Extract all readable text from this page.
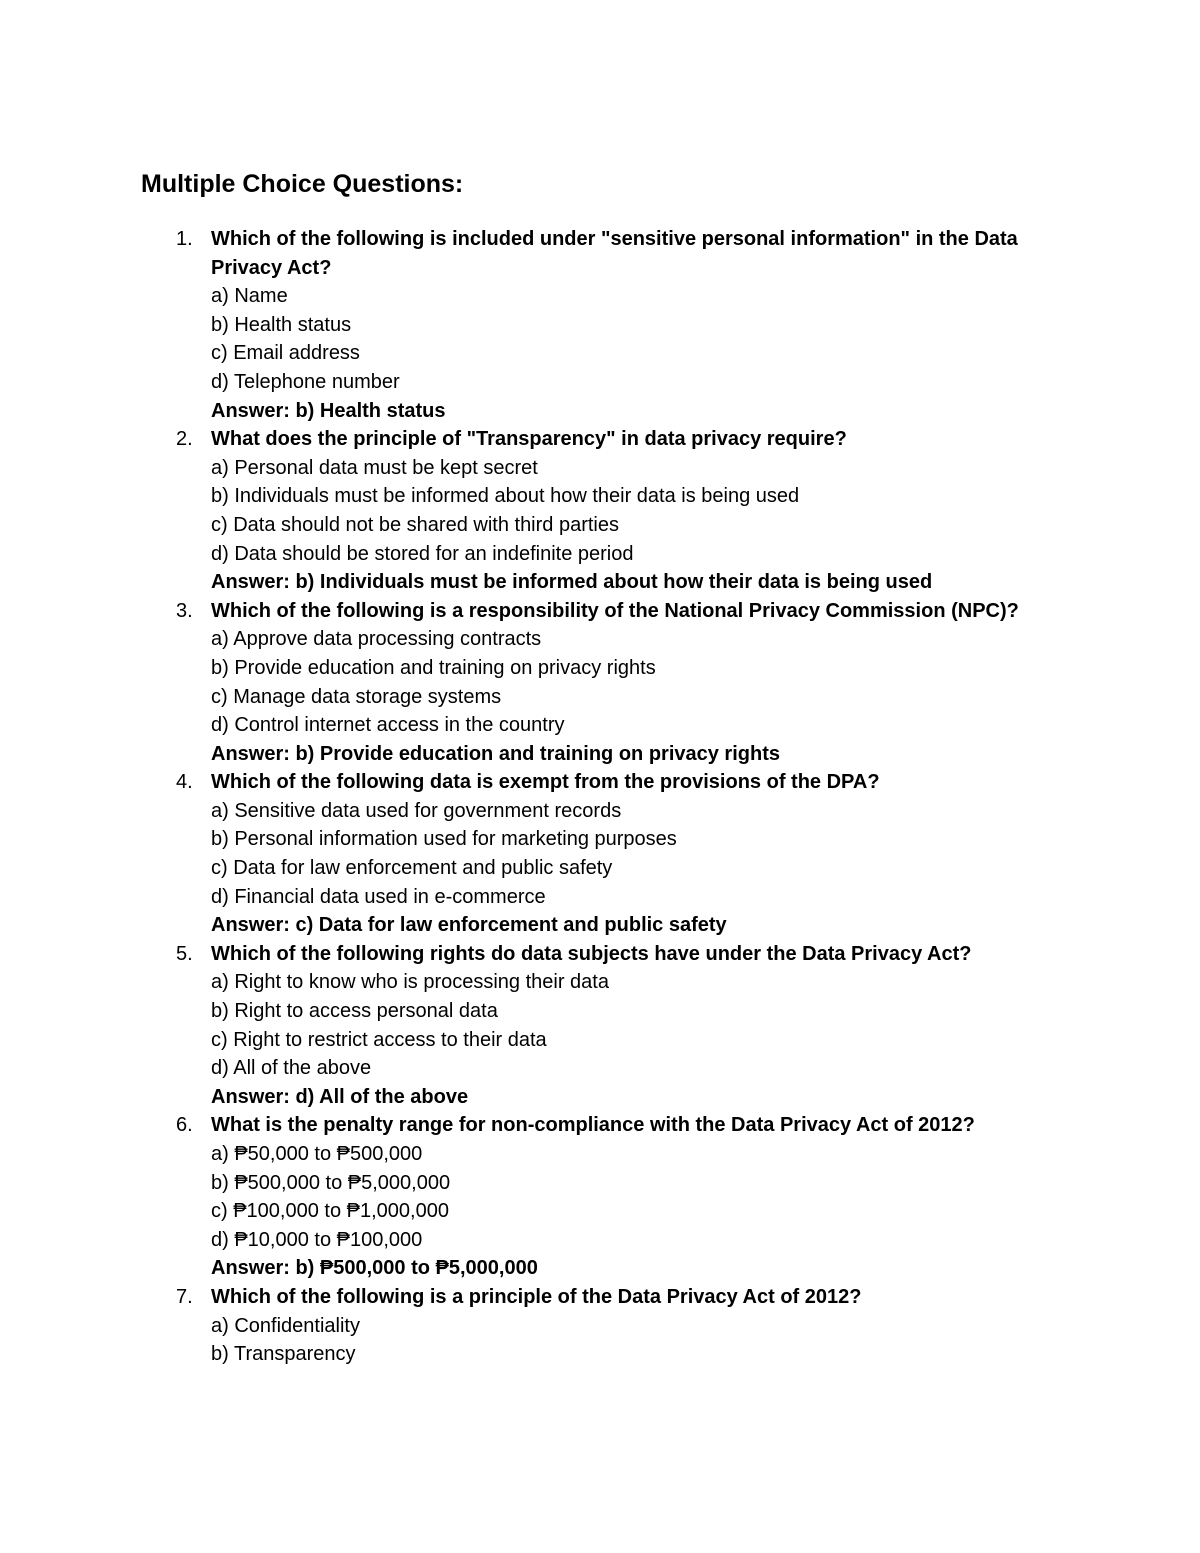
Multiple Choice Questions:
1. Which of the following is included under "sensitive personal information" in the Data Privacy Act?
a) Name
b) Health status
c) Email address
d) Telephone number
Answer: b) Health status
2. What does the principle of "Transparency" in data privacy require?
a) Personal data must be kept secret
b) Individuals must be informed about how their data is being used
c) Data should not be shared with third parties
d) Data should be stored for an indefinite period
Answer: b) Individuals must be informed about how their data is being used
3. Which of the following is a responsibility of the National Privacy Commission (NPC)?
a) Approve data processing contracts
b) Provide education and training on privacy rights
c) Manage data storage systems
d) Control internet access in the country
Answer: b) Provide education and training on privacy rights
4. Which of the following data is exempt from the provisions of the DPA?
a) Sensitive data used for government records
b) Personal information used for marketing purposes
c) Data for law enforcement and public safety
d) Financial data used in e-commerce
Answer: c) Data for law enforcement and public safety
5. Which of the following rights do data subjects have under the Data Privacy Act?
a) Right to know who is processing their data
b) Right to access personal data
c) Right to restrict access to their data
d) All of the above
Answer: d) All of the above
6. What is the penalty range for non-compliance with the Data Privacy Act of 2012?
a) ₱50,000 to ₱500,000
b) ₱500,000 to ₱5,000,000
c) ₱100,000 to ₱1,000,000
d) ₱10,000 to ₱100,000
Answer: b) ₱500,000 to ₱5,000,000
7. Which of the following is a principle of the Data Privacy Act of 2012?
a) Confidentiality
b) Transparency
